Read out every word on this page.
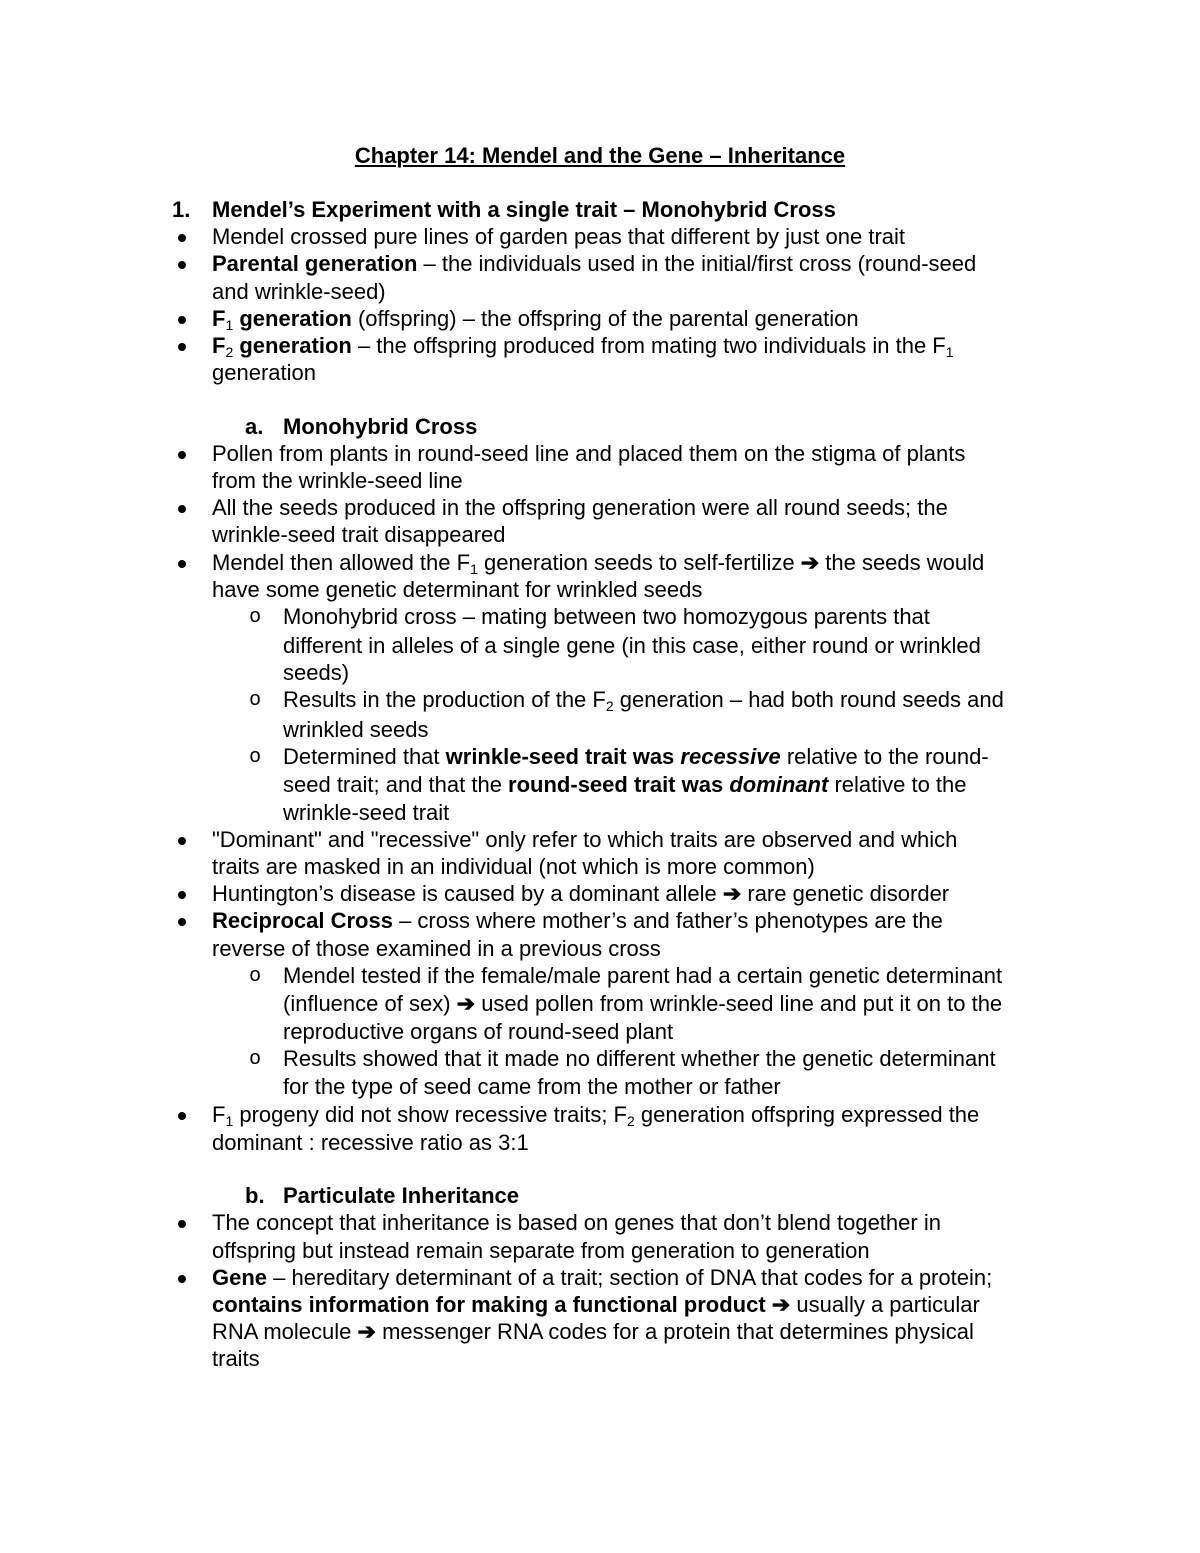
Chapter 14: Mendel and the Gene – Inheritance
1. Mendel’s Experiment with a single trait – Monohybrid Cross
Mendel crossed pure lines of garden peas that different by just one trait
Parental generation – the individuals used in the initial/first cross (round-seed
and wrinkle-seed)
$F_1$ generation (offspring) – the offspring of the parental generation
$F_2$ generation – the offspring produced from mating two individuals in the $F_1$
generation
a. Monohybrid Cross
Pollen from plants in round-seed line and placed them on the stigma of plants
from the wrinkle-seed line
All the seeds produced in the offspring generation were all round seeds; the
wrinkle-seed trait disappeared
Mendel then allowed the $F_1$ generation seeds to self-fertilize ➔ the seeds would
have some genetic determinant for wrinkled seeds
o Monohybrid cross – mating between two homozygous parents that
different in alleles of a single gene (in this case, either round or wrinkled
seeds)
o Results in the production of the $F_2$ generation – had both round seeds and
wrinkled seeds
o Determined that wrinkle-seed trait was recessive relative to the round-
seed trait; and that the round-seed trait was dominant relative to the
wrinkle-seed trait
"Dominant" and "recessive" only refer to which traits are observed and which
traits are masked in an individual (not which is more common)
Huntington’s disease is caused by a dominant allele ➔ rare genetic disorder
Reciprocal Cross – cross where mother’s and father’s phenotypes are the
reverse of those examined in a previous cross
o Mendel tested if the female/male parent had a certain genetic determinant
(influence of sex) ➔ used pollen from wrinkle-seed line and put it on to the
reproductive organs of round-seed plant
o Results showed that it made no different whether the genetic determinant
for the type of seed came from the mother or father
$F_1$ progeny did not show recessive traits; $F_2$ generation offspring expressed the
dominant : recessive ratio as 3:1
b. Particulate Inheritance
The concept that inheritance is based on genes that don’t blend together in
offspring but instead remain separate from generation to generation
Gene – hereditary determinant of a trait; section of DNA that codes for a protein;
contains information for making a functional product ➔ usually a particular
RNA molecule ➔ messenger RNA codes for a protein that determines physical
traits
